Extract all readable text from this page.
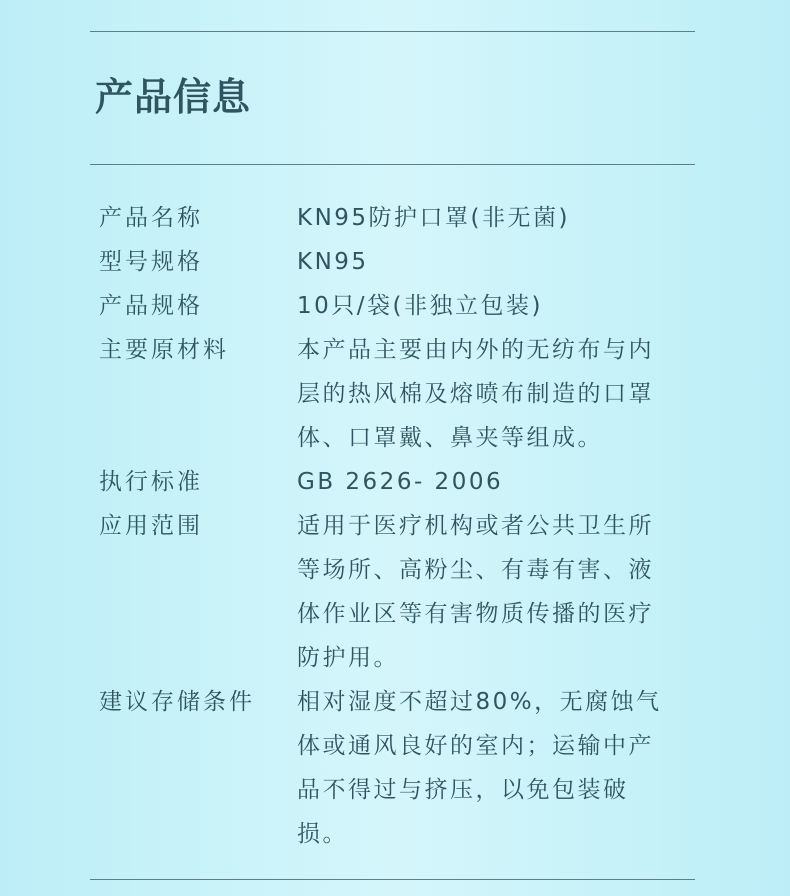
产品信息
产品名称	KN95防护口罩(非无菌)
型号规格	KN95
产品规格	10只/袋(非独立包装)
主要原材料	本产品主要由内外的无纺布与内
层的热风棉及熔喷布制造的口罩
体、口罩戴、鼻夹等组成。
执行标准	GB 2626- 2006
应用范围	适用于医疗机构或者公共卫生所
等场所、高粉尘、有毒有害、液
体作业区等有害物质传播的医疗
防护用。
建议存储条件	相对湿度不超过80%，无腐蚀气
体或通风良好的室内；运输中产
品不得过与挤压，以免包装破
损。
